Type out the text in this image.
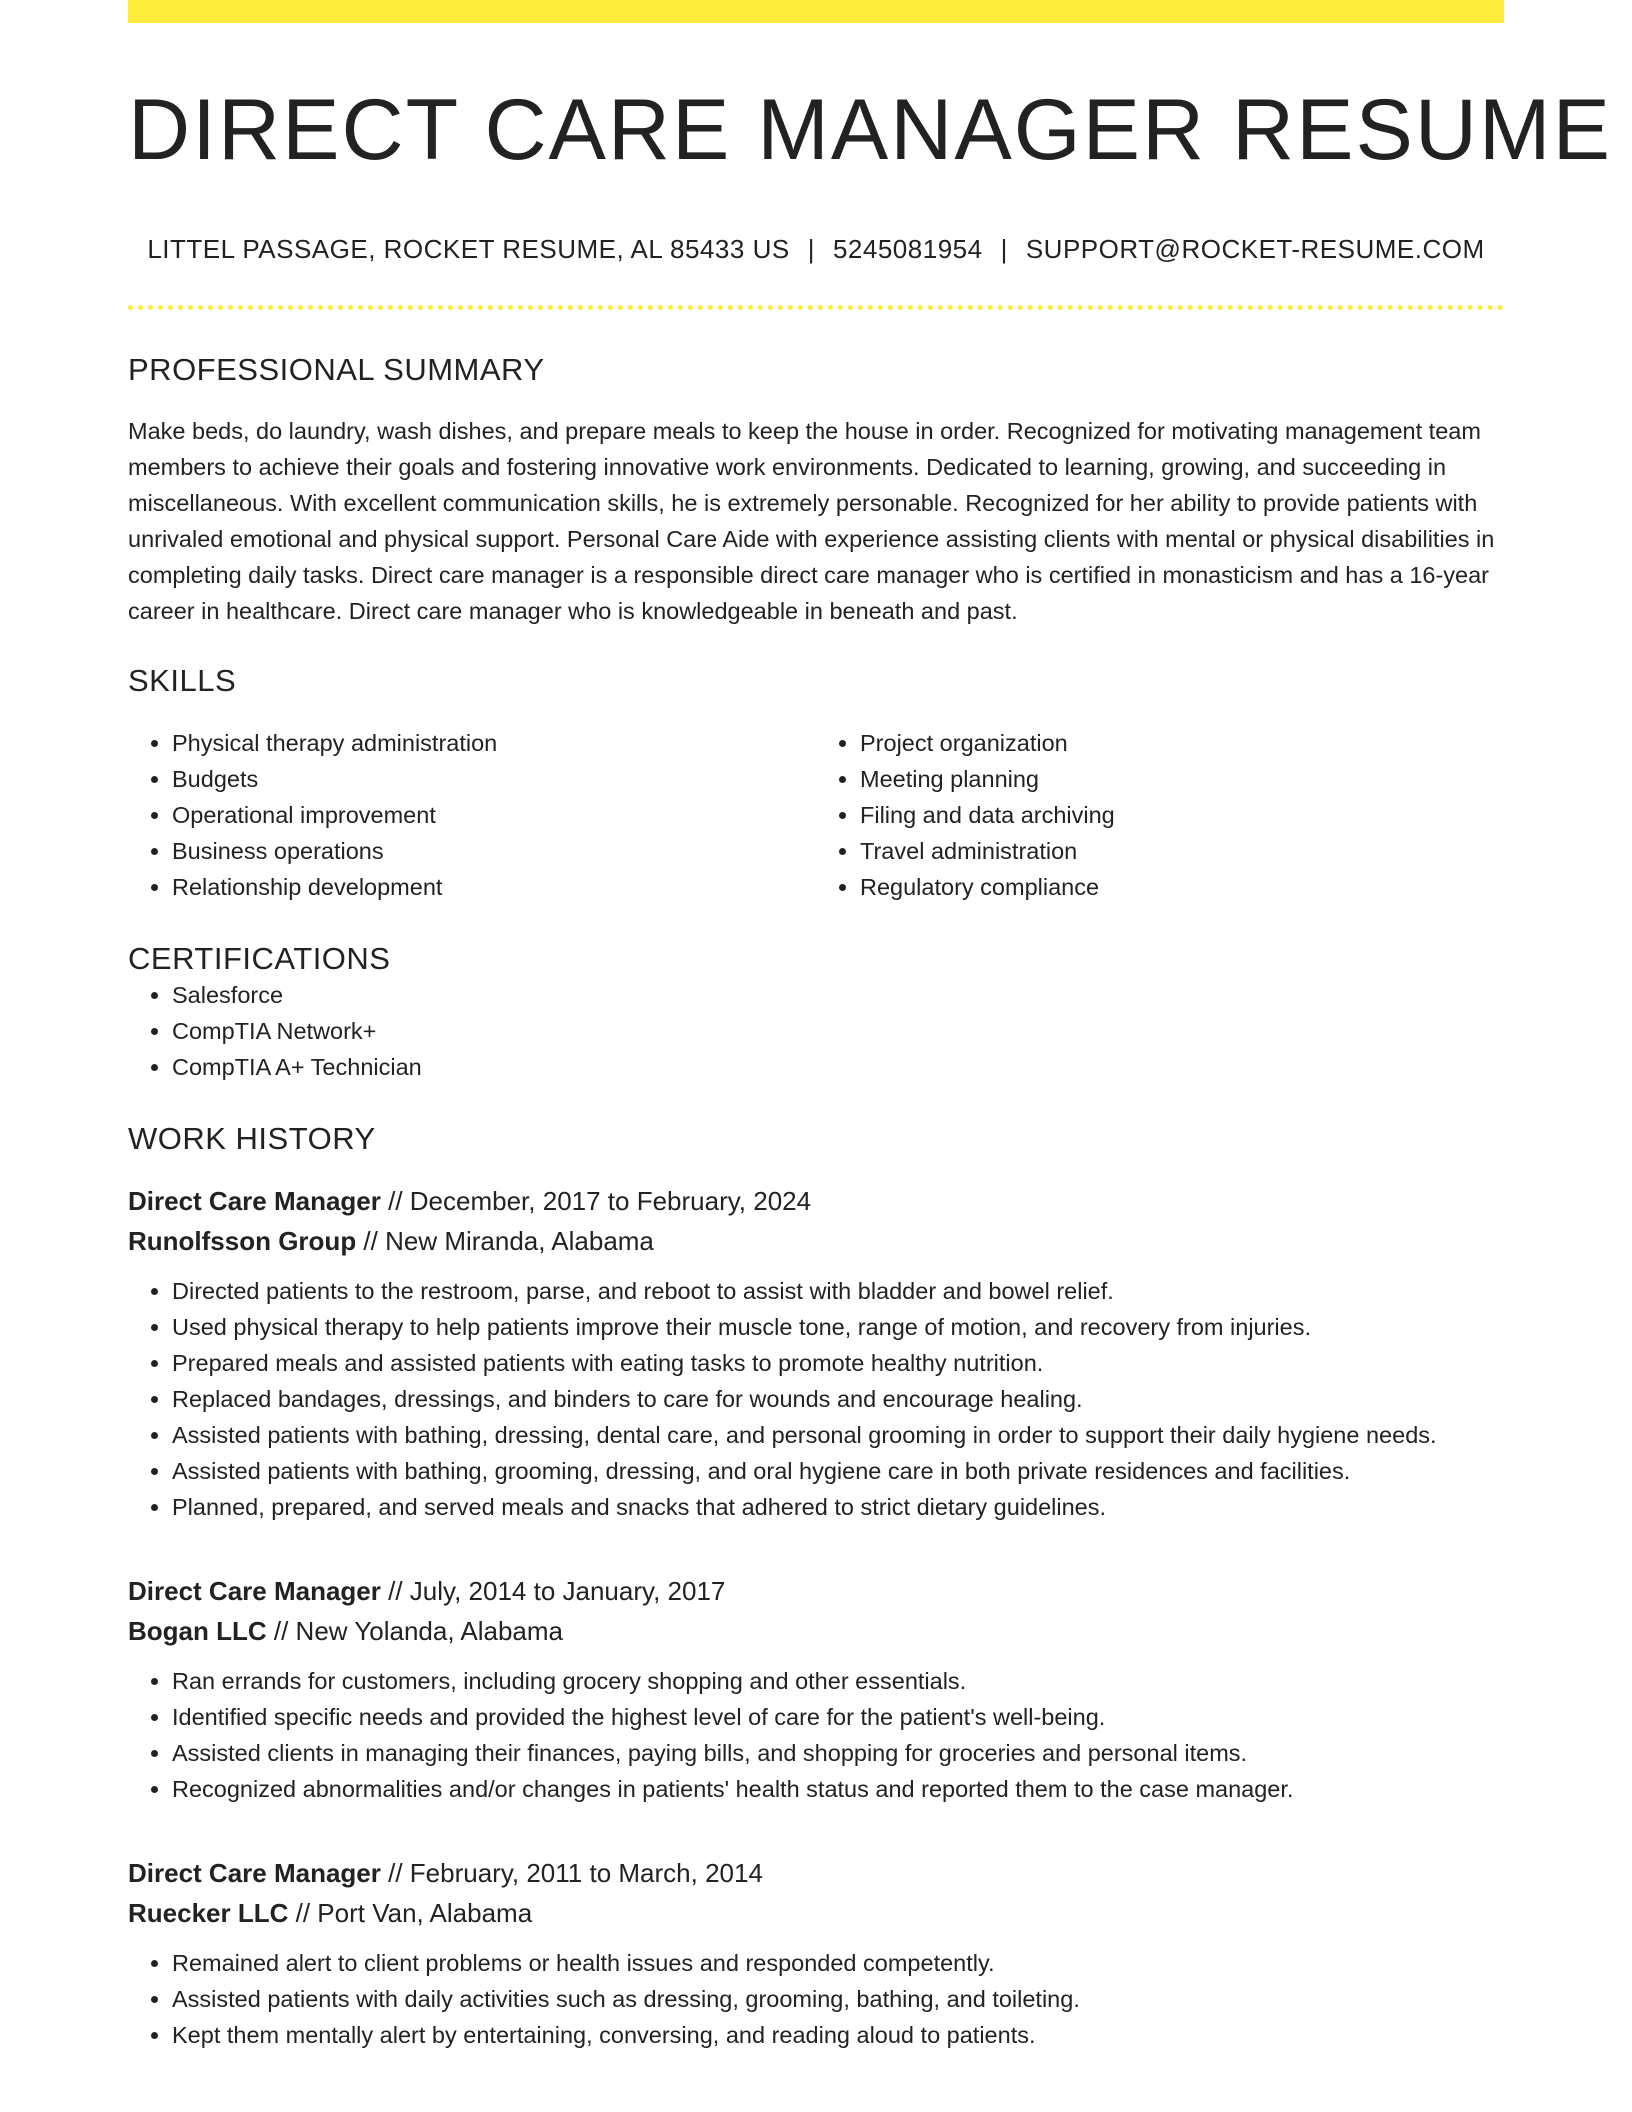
DIRECT CARE MANAGER RESUME
LITTEL PASSAGE, ROCKET RESUME, AL 85433 US | 5245081954 | SUPPORT@ROCKET-RESUME.COM
PROFESSIONAL SUMMARY
Make beds, do laundry, wash dishes, and prepare meals to keep the house in order. Recognized for motivating management team members to achieve their goals and fostering innovative work environments. Dedicated to learning, growing, and succeeding in miscellaneous. With excellent communication skills, he is extremely personable. Recognized for her ability to provide patients with unrivaled emotional and physical support. Personal Care Aide with experience assisting clients with mental or physical disabilities in completing daily tasks. Direct care manager is a responsible direct care manager who is certified in monasticism and has a 16-year career in healthcare. Direct care manager who is knowledgeable in beneath and past.
SKILLS
• Physical therapy administration
• Budgets
• Operational improvement
• Business operations
• Relationship development
• Project organization
• Meeting planning
• Filing and data archiving
• Travel administration
• Regulatory compliance
CERTIFICATIONS
• Salesforce
• CompTIA Network+
• CompTIA A+ Technician
WORK HISTORY
Direct Care Manager // December, 2017 to February, 2024
Runolfsson Group // New Miranda, Alabama
• Directed patients to the restroom, parse, and reboot to assist with bladder and bowel relief.
• Used physical therapy to help patients improve their muscle tone, range of motion, and recovery from injuries.
• Prepared meals and assisted patients with eating tasks to promote healthy nutrition.
• Replaced bandages, dressings, and binders to care for wounds and encourage healing.
• Assisted patients with bathing, dressing, dental care, and personal grooming in order to support their daily hygiene needs.
• Assisted patients with bathing, grooming, dressing, and oral hygiene care in both private residences and facilities.
• Planned, prepared, and served meals and snacks that adhered to strict dietary guidelines.
Direct Care Manager // July, 2014 to January, 2017
Bogan LLC // New Yolanda, Alabama
• Ran errands for customers, including grocery shopping and other essentials.
• Identified specific needs and provided the highest level of care for the patient's well-being.
• Assisted clients in managing their finances, paying bills, and shopping for groceries and personal items.
• Recognized abnormalities and/or changes in patients' health status and reported them to the case manager.
Direct Care Manager // February, 2011 to March, 2014
Ruecker LLC // Port Van, Alabama
• Remained alert to client problems or health issues and responded competently.
• Assisted patients with daily activities such as dressing, grooming, bathing, and toileting.
• Kept them mentally alert by entertaining, conversing, and reading aloud to patients.
